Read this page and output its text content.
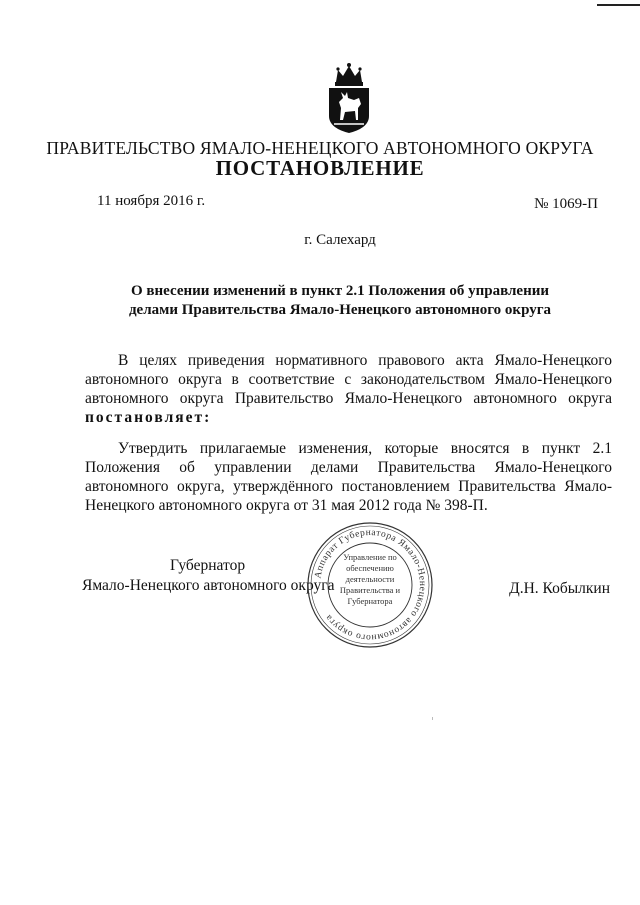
ПРАВИТЕЛЬСТВО ЯМАЛО-НЕНЕЦКОГО АВТОНОМНОГО ОКРУГА
ПОСТАНОВЛЕНИЕ
11 ноября 2016 г.	№ 1069-П
г. Салехард
О внесении изменений в пункт 2.1 Положения об управлении
делами Правительства Ямало-Ненецкого автономного округа
В целях приведения нормативного правового акта Ямало-Ненецкого автономного округа в соответствие с законодательством Ямало-Ненецкого автономного округа Правительство Ямало-Ненецкого автономного округа постановляет:
Утвердить прилагаемые изменения, которые вносятся в пункт 2.1 Положения об управлении делами Правительства Ямало-Ненецкого автономного округа, утверждённого постановлением Правительства Ямало-Ненецкого автономного округа от 31 мая 2012 года № 398-П.
Губернатор
Ямало-Ненецкого автономного округа	Д.Н. Кобылкин
Аппарат Губернатора Ямало-Ненецкого автономного округа
Управление по обеспечению деятельности Правительства и Губернатора
